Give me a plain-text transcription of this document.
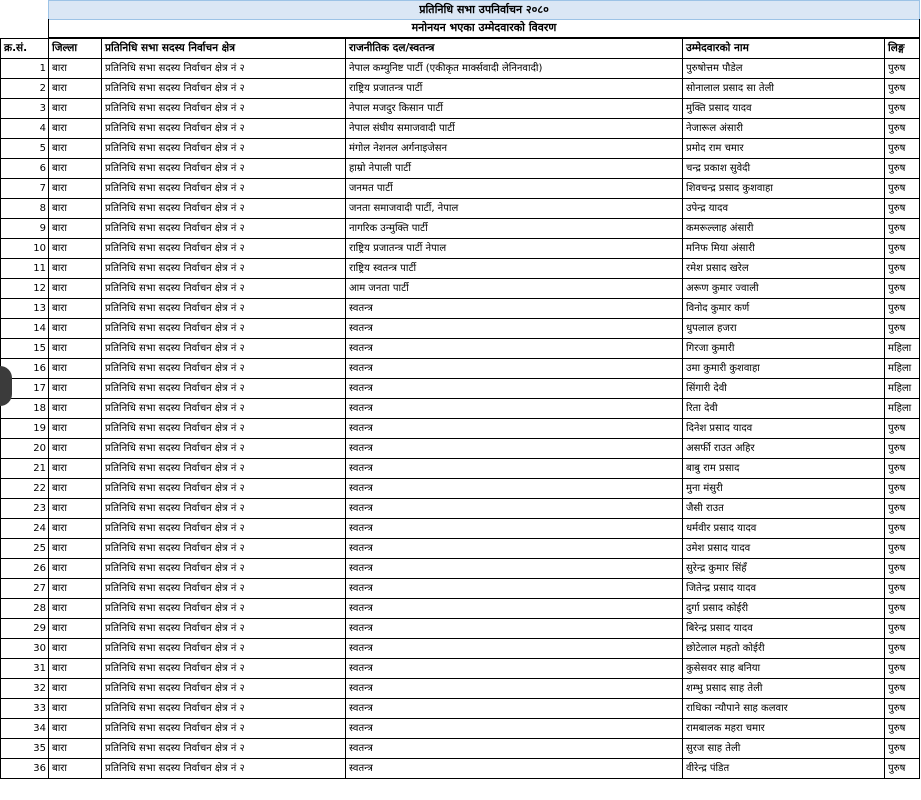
प्रतिनिधि सभा उपनिर्वाचन २०८०
मनोनयन भएका उम्मेदवारको विवरण
क्र.सं.	जिल्ला	प्रतिनिधि सभा सदस्य निर्वाचन क्षेत्र	राजनीतिक दल/स्वतन्त्र	उम्मेदवारको नाम	लिङ्ग
1	बारा	प्रतिनिधि सभा सदस्य निर्वाचन क्षेत्र नं २	नेपाल कम्युनिष्ट पार्टी (एकीकृत मार्क्सवादी लेनिनवादी)	पुरुषोत्तम पौडेल	पुरुष
2	बारा	प्रतिनिधि सभा सदस्य निर्वाचन क्षेत्र नं २	राष्ट्रिय प्रजातन्त्र पार्टी	सोनालाल प्रसाद सा तेली	पुरुष
3	बारा	प्रतिनिधि सभा सदस्य निर्वाचन क्षेत्र नं २	नेपाल मजदुर किसान पार्टी	मुक्ति प्रसाद यादव	पुरुष
4	बारा	प्रतिनिधि सभा सदस्य निर्वाचन क्षेत्र नं २	नेपाल संघीय समाजवादी पार्टी	नेजारूल अंसारी	पुरुष
5	बारा	प्रतिनिधि सभा सदस्य निर्वाचन क्षेत्र नं २	मंगोल नेशनल अर्गनाइजेसन	प्रमोद राम चमार	पुरुष
6	बारा	प्रतिनिधि सभा सदस्य निर्वाचन क्षेत्र नं २	हाम्रो नेपाली पार्टी	चन्द्र प्रकाश सुवेदी	पुरुष
7	बारा	प्रतिनिधि सभा सदस्य निर्वाचन क्षेत्र नं २	जनमत पार्टी	शिवचन्द्र प्रसाद कुशवाहा	पुरुष
8	बारा	प्रतिनिधि सभा सदस्य निर्वाचन क्षेत्र नं २	जनता समाजवादी पार्टी, नेपाल	उपेन्द्र यादव	पुरुष
9	बारा	प्रतिनिधि सभा सदस्य निर्वाचन क्षेत्र नं २	नागरिक उन्मुक्ति पार्टी	कमरूल्लाह अंसारी	पुरुष
10	बारा	प्रतिनिधि सभा सदस्य निर्वाचन क्षेत्र नं २	राष्ट्रिय प्रजातन्त्र पार्टी नेपाल	मनिफ मिया अंसारी	पुरुष
11	बारा	प्रतिनिधि सभा सदस्य निर्वाचन क्षेत्र नं २	राष्ट्रिय स्वतन्त्र पार्टी	रमेश प्रसाद खरेल	पुरुष
12	बारा	प्रतिनिधि सभा सदस्य निर्वाचन क्षेत्र नं २	आम जनता पार्टी	अरूण कुमार ज्वाली	पुरुष
13	बारा	प्रतिनिधि सभा सदस्य निर्वाचन क्षेत्र नं २	स्वतन्त्र	विनोद कुमार कर्ण	पुरुष
14	बारा	प्रतिनिधि सभा सदस्य निर्वाचन क्षेत्र नं २	स्वतन्त्र	धुपलाल हजरा	पुरुष
15	बारा	प्रतिनिधि सभा सदस्य निर्वाचन क्षेत्र नं २	स्वतन्त्र	गिरजा कुमारी	महिला
16	बारा	प्रतिनिधि सभा सदस्य निर्वाचन क्षेत्र नं २	स्वतन्त्र	उमा कुमारी कुशवाहा	महिला
17	बारा	प्रतिनिधि सभा सदस्य निर्वाचन क्षेत्र नं २	स्वतन्त्र	सिंगारी देवी	महिला
18	बारा	प्रतिनिधि सभा सदस्य निर्वाचन क्षेत्र नं २	स्वतन्त्र	रिता देवी	महिला
19	बारा	प्रतिनिधि सभा सदस्य निर्वाचन क्षेत्र नं २	स्वतन्त्र	दिनेश प्रसाद यादव	पुरुष
20	बारा	प्रतिनिधि सभा सदस्य निर्वाचन क्षेत्र नं २	स्वतन्त्र	असर्फी राउत अहिर	पुरुष
21	बारा	प्रतिनिधि सभा सदस्य निर्वाचन क्षेत्र नं २	स्वतन्त्र	बाबु राम प्रसाद	पुरुष
22	बारा	प्रतिनिधि सभा सदस्य निर्वाचन क्षेत्र नं २	स्वतन्त्र	मुना मंसुरी	पुरुष
23	बारा	प्रतिनिधि सभा सदस्य निर्वाचन क्षेत्र नं २	स्वतन्त्र	जैसी राउत	पुरुष
24	बारा	प्रतिनिधि सभा सदस्य निर्वाचन क्षेत्र नं २	स्वतन्त्र	धर्मवीर प्रसाद यादव	पुरुष
25	बारा	प्रतिनिधि सभा सदस्य निर्वाचन क्षेत्र नं २	स्वतन्त्र	उमेश प्रसाद यादव	पुरुष
26	बारा	प्रतिनिधि सभा सदस्य निर्वाचन क्षेत्र नं २	स्वतन्त्र	सुरेन्द्र कुमार सिंहँ	पुरुष
27	बारा	प्रतिनिधि सभा सदस्य निर्वाचन क्षेत्र नं २	स्वतन्त्र	जितेन्द्र प्रसाद यादव	पुरुष
28	बारा	प्रतिनिधि सभा सदस्य निर्वाचन क्षेत्र नं २	स्वतन्त्र	दुर्गा प्रसाद कोईरी	पुरुष
29	बारा	प्रतिनिधि सभा सदस्य निर्वाचन क्षेत्र नं २	स्वतन्त्र	बिरेन्द्र प्रसाद यादव	पुरुष
30	बारा	प्रतिनिधि सभा सदस्य निर्वाचन क्षेत्र नं २	स्वतन्त्र	छोटेलाल महतो कोईरी	पुरुष
31	बारा	प्रतिनिधि सभा सदस्य निर्वाचन क्षेत्र नं २	स्वतन्त्र	कुसेसवर साह बनिया	पुरुष
32	बारा	प्रतिनिधि सभा सदस्य निर्वाचन क्षेत्र नं २	स्वतन्त्र	शम्भु प्रसाद साह तेली	पुरुष
33	बारा	प्रतिनिधि सभा सदस्य निर्वाचन क्षेत्र नं २	स्वतन्त्र	राधिका न्यौपाने साह कलवार	पुरुष
34	बारा	प्रतिनिधि सभा सदस्य निर्वाचन क्षेत्र नं २	स्वतन्त्र	रामबालक महरा चमार	पुरुष
35	बारा	प्रतिनिधि सभा सदस्य निर्वाचन क्षेत्र नं २	स्वतन्त्र	सुरज साह तेली	पुरुष
36	बारा	प्रतिनिधि सभा सदस्य निर्वाचन क्षेत्र नं २	स्वतन्त्र	वीरेन्द्र पंडित	पुरुष
